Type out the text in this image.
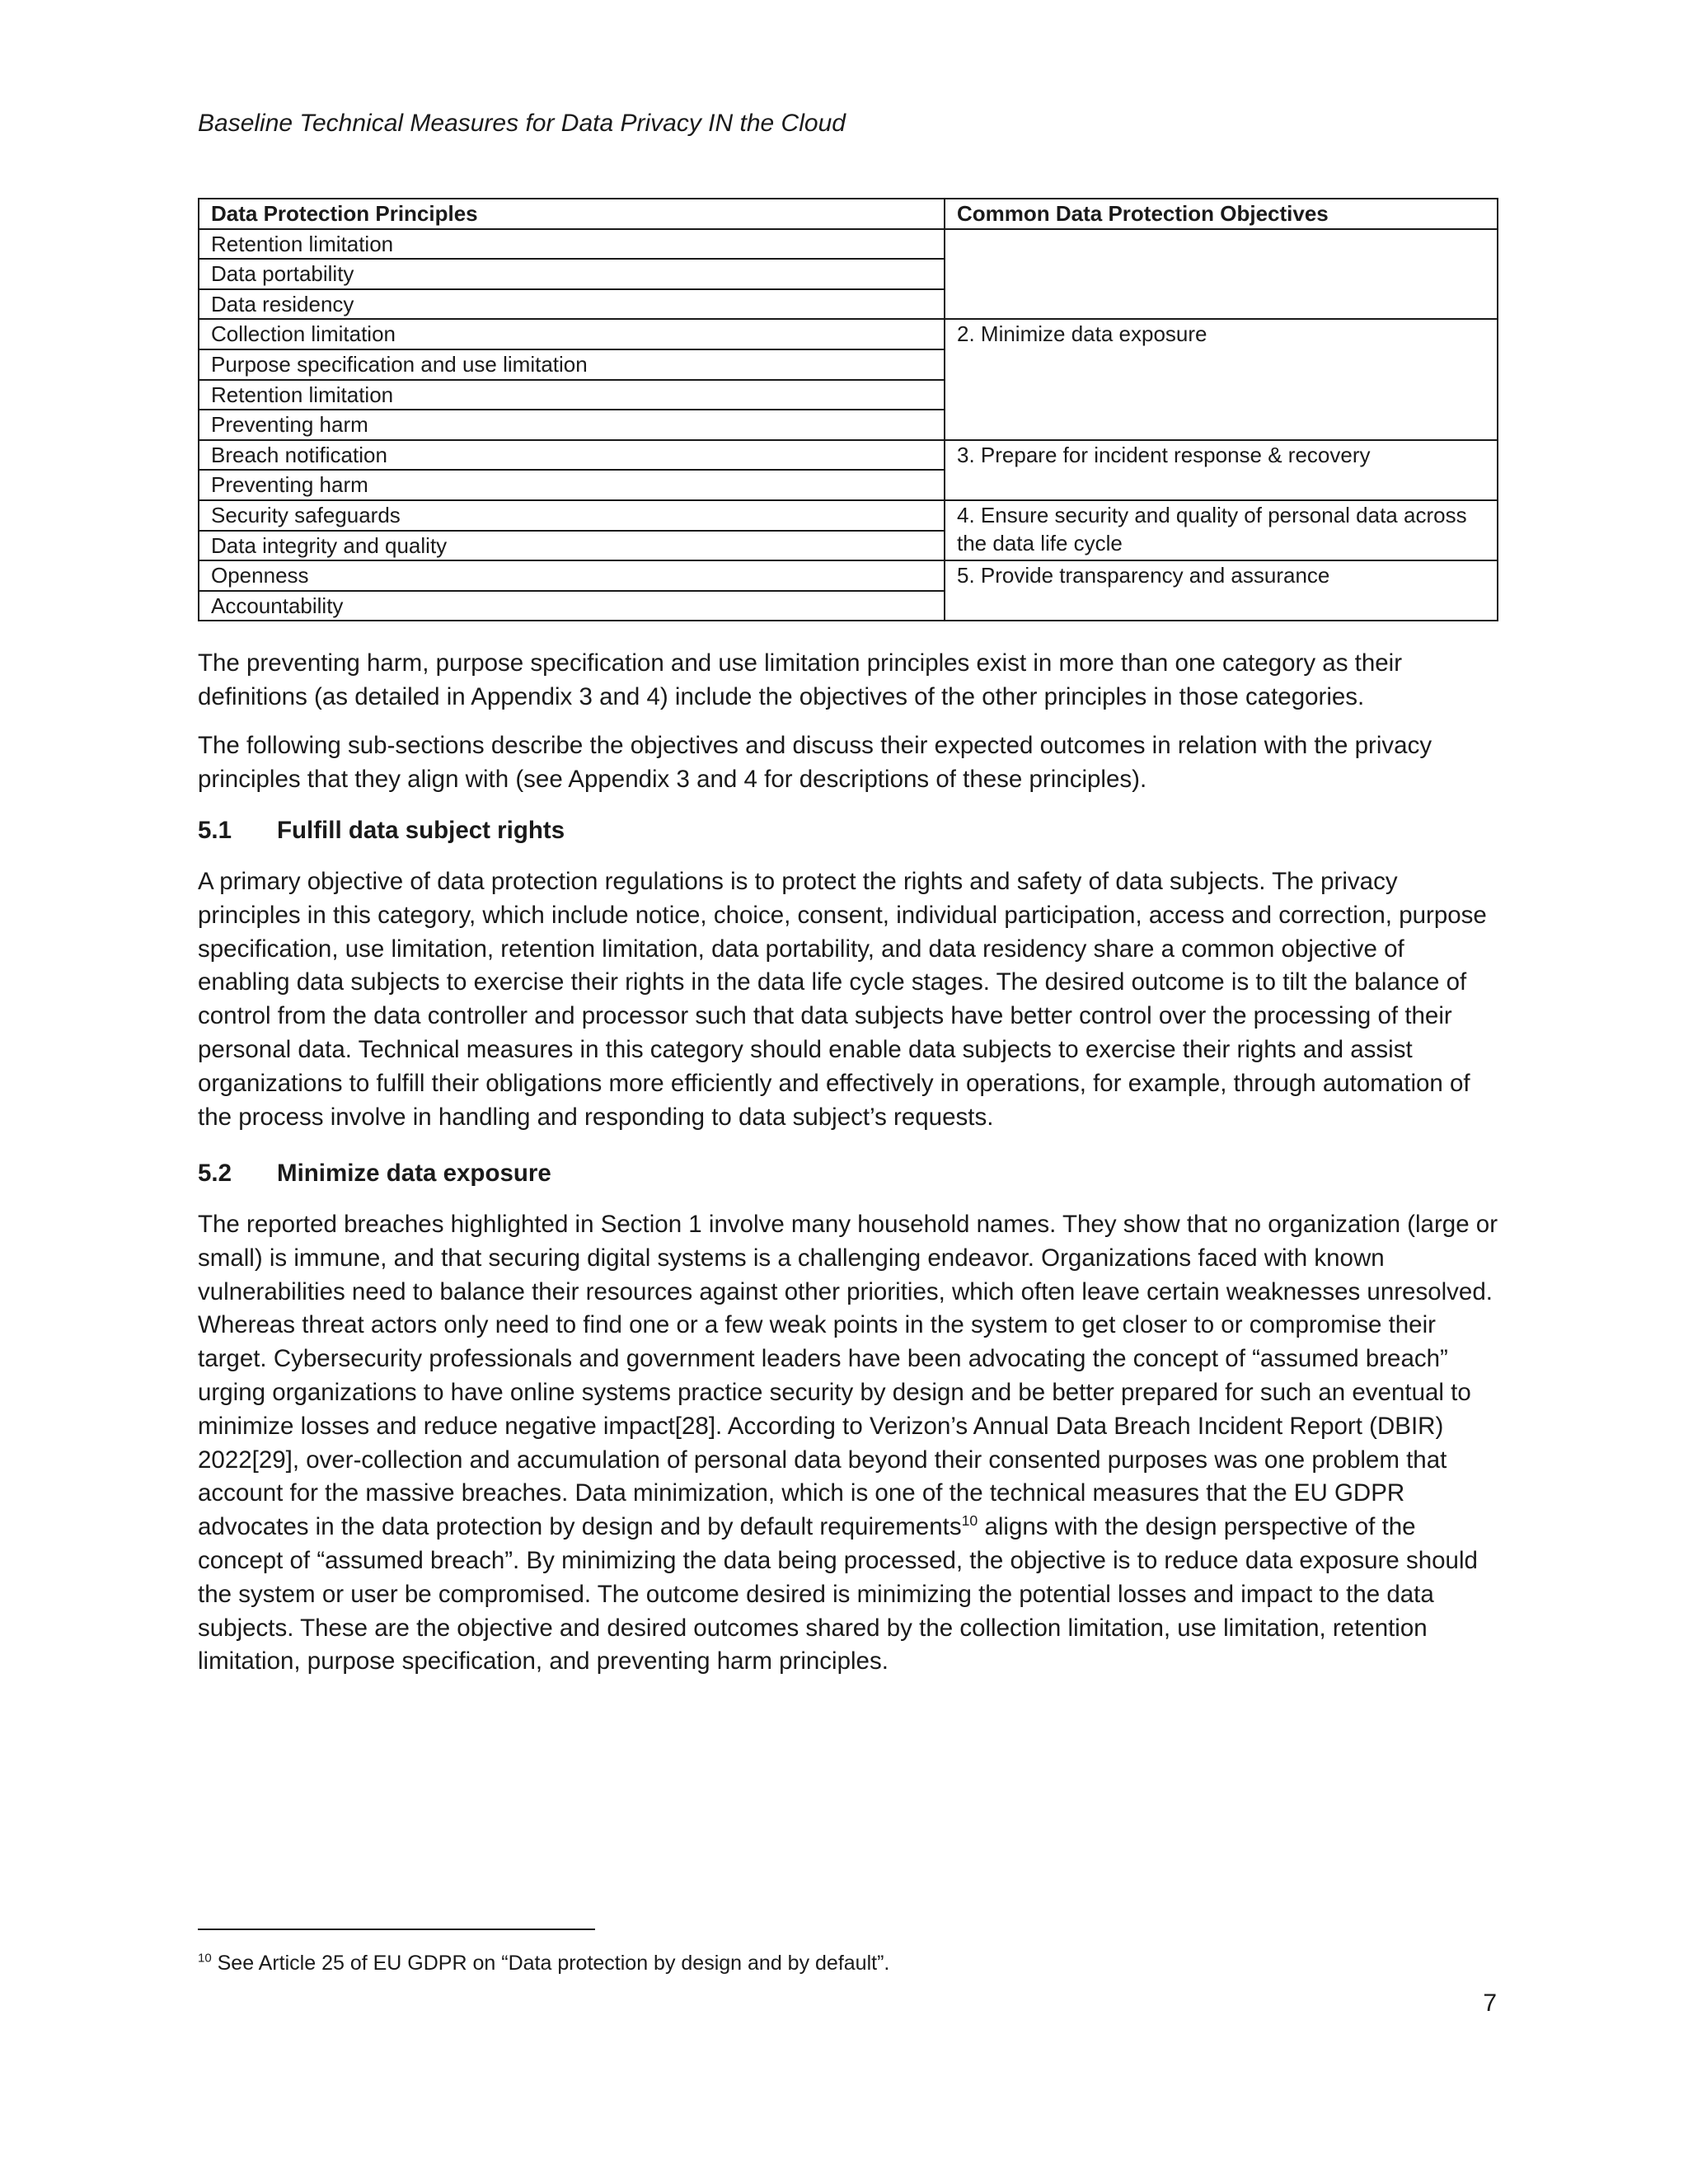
Baseline Technical Measures for Data Privacy IN the Cloud
Data Protection Principles	Common Data Protection Objectives
Retention limitation	
Data portability	
Data residency	
Collection limitation	2. Minimize data exposure
Purpose specification and use limitation	
Retention limitation	
Preventing harm	
Breach notification	3. Prepare for incident response & recovery
Preventing harm	
Security safeguards	4. Ensure security and quality of personal data across the data life cycle
Data integrity and quality	
Openness	5. Provide transparency and assurance
Accountability	

The preventing harm, purpose specification and use limitation principles exist in more than one category as their definitions (as detailed in Appendix 3 and 4) include the objectives of the other principles in those categories.

The following sub-sections describe the objectives and discuss their expected outcomes in relation with the privacy principles that they align with (see Appendix 3 and 4 for descriptions of these principles).

5.1 Fulfill data subject rights

A primary objective of data protection regulations is to protect the rights and safety of data subjects. The privacy principles in this category, which include notice, choice, consent, individual participation, access and correction, purpose specification, use limitation, retention limitation, data portability, and data residency share a common objective of enabling data subjects to exercise their rights in the data life cycle stages. The desired outcome is to tilt the balance of control from the data controller and processor such that data subjects have better control over the processing of their personal data. Technical measures in this category should enable data subjects to exercise their rights and assist organizations to fulfill their obligations more efficiently and effectively in operations, for example, through automation of the process involve in handling and responding to data subject’s requests.

5.2 Minimize data exposure

The reported breaches highlighted in Section 1 involve many household names. They show that no organization (large or small) is immune, and that securing digital systems is a challenging endeavor. Organizations faced with known vulnerabilities need to balance their resources against other priorities, which often leave certain weaknesses unresolved. Whereas threat actors only need to find one or a few weak points in the system to get closer to or compromise their target. Cybersecurity professionals and government leaders have been advocating the concept of “assumed breach” urging organizations to have online systems practice security by design and be better prepared for such an eventual to minimize losses and reduce negative impact[28]. According to Verizon’s Annual Data Breach Incident Report (DBIR) 2022[29], over-collection and accumulation of personal data beyond their consented purposes was one problem that account for the massive breaches. Data minimization, which is one of the technical measures that the EU GDPR advocates in the data protection by design and by default requirements$^{10}$ aligns with the design perspective of the concept of “assumed breach”. By minimizing the data being processed, the objective is to reduce data exposure should the system or user be compromised. The outcome desired is minimizing the potential losses and impact to the data subjects. These are the objective and desired outcomes shared by the collection limitation, use limitation, retention limitation, purpose specification, and preventing harm principles.

$^{10}$ See Article 25 of EU GDPR on “Data protection by design and by default”.

7
